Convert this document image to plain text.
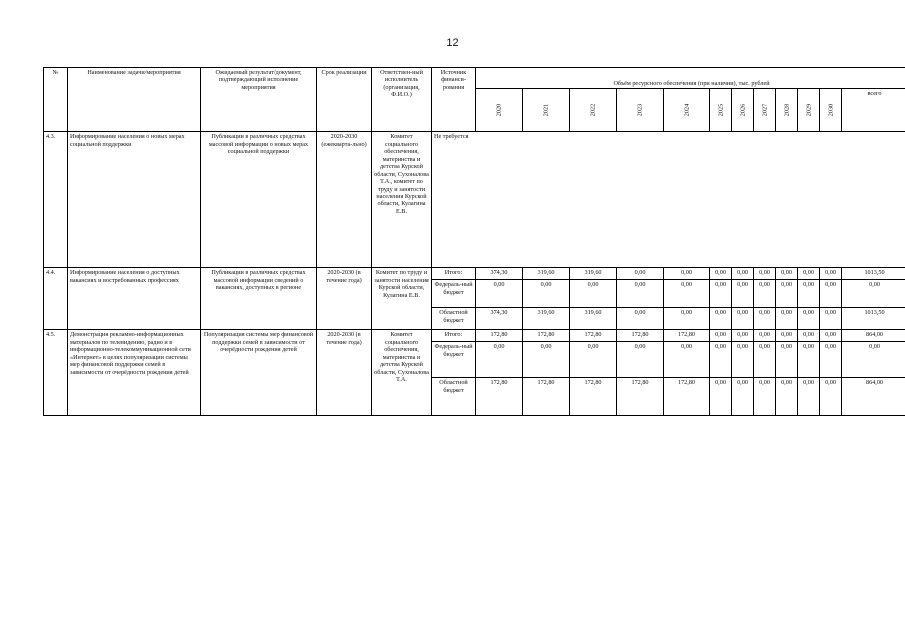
12
№	Наименование задачи/мероприятия	Ожидаемый результат/документ, подтверждающий исполнение мероприятия	Срок реализации	Ответствен-ный исполнитель (организация, Ф.И.О.)	Источник финанси-рования	Объём ресурсного обеспечения (при наличии), тыс. рублей											

						2020	2021	2022	2023	2024	2025	2026	2027	2028	2029	2030	всего
4.3.	Информирование населения о новых мерах социальной поддержки	Публикации в различных средствах массовой информации о новых мерах социальной поддержки	2020-2030 (ежекварта-льно)	Комитет социального обеспечения, материнства и детства Курской области, Сухоналова Т.А., комитет по труду и занятости населения Курской области, Кулагина Е.В.	Не требуется												
4.4.	Информирование населения о доступных вакансиях и востребованных профессиях	Публикации в различных средствах массовой информации сведений о вакансиях, доступных в регионе	2020-2030 (в течение года)	Комитет по труду и занятости населения Курской области, Кулагина Е.В.	Итого:	374,30	319,60	319,60	0,00	0,00	0,00	0,00	0,00	0,00	0,00	0,00	1013,50
					Федераль-ный бюджет	0,00	0,00	0,00	0,00	0,00	0,00	0,00	0,00	0,00	0,00	0,00	0,00
					Областной бюджет	374,30	319,60	319,60	0,00	0,00	0,00	0,00	0,00	0,00	0,00	0,00	1013,50
4.5.	Демонстрация рекламно-информационных материалов по телевидению, радио и в информационно-телекоммуникационной сети «Интернет» в целях популяризации системы мер финансовой поддержки семей в зависимости от очерёдности рождения детей	Популяризация системы мер финансовой поддержки семей в зависимости от очерёдности рождения детей	2020-2030 (в течение года)	Комитет социального обеспечения, материнства и детства Курской области, Сухоналова Т.А.	Итого:	172,80	172,80	172,80	172,80	172,80	0,00	0,00	0,00	0,00	0,00	0,00	864,00
					Федераль-ный бюджет	0,00	0,00	0,00	0,00	0,00	0,00	0,00	0,00	0,00	0,00	0,00	0,00
					Областной бюджет	172,80	172,80	172,80	172,80	172,80	0,00	0,00	0,00	0,00	0,00	0,00	864,00
